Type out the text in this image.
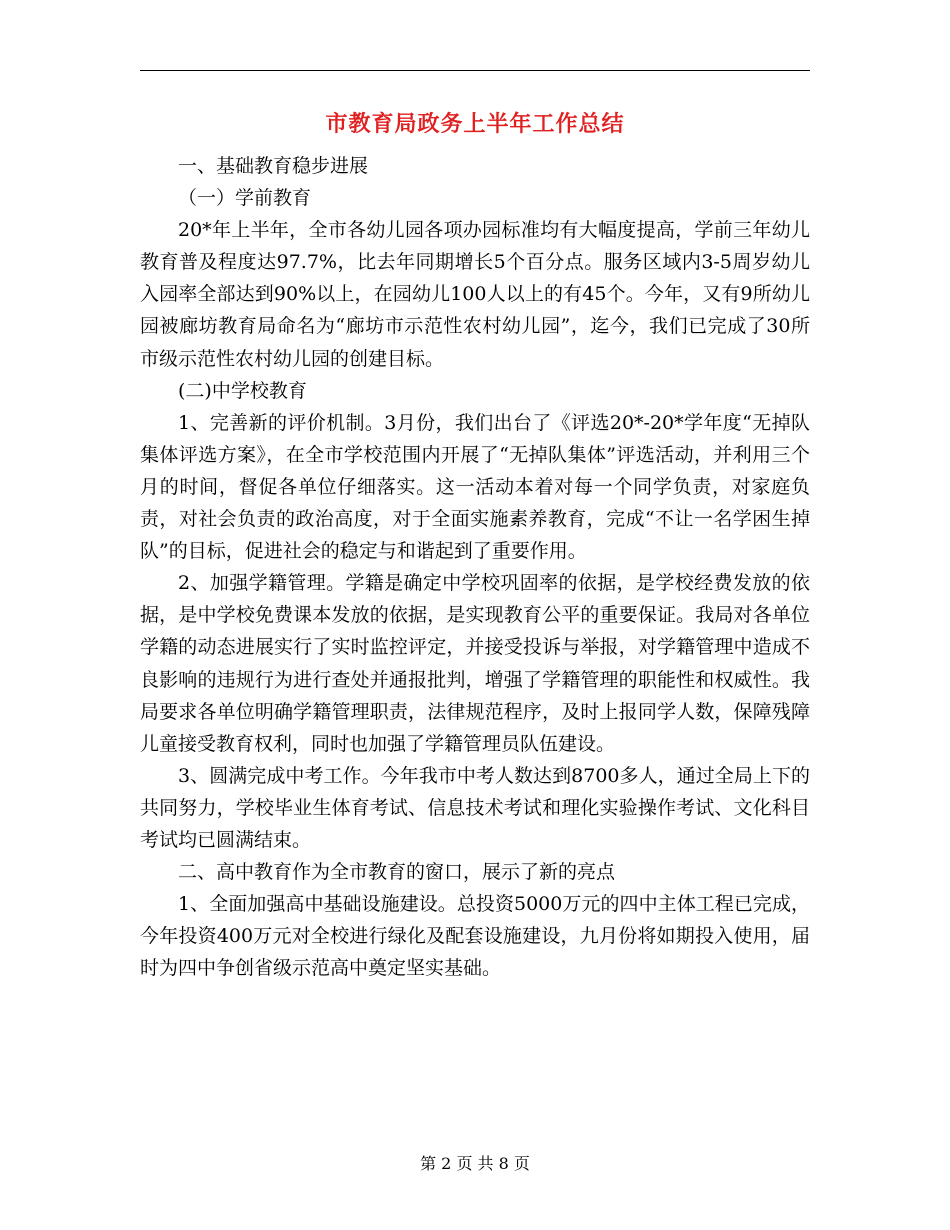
市教育局政务上半年工作总结

一、基础教育稳步进展

（一）学前教育

20*年上半年，全市各幼儿园各项办园标准均有大幅度提高，学前三年幼儿教育普及程度达97.7%，比去年同期增长5个百分点。服务区域内3-5周岁幼儿入园率全部达到90%以上，在园幼儿100人以上的有45个。今年，又有9所幼儿园被廊坊教育局命名为“廊坊市示范性农村幼儿园”，迄今，我们已完成了30所市级示范性农村幼儿园的创建目标。

(二)中学校教育

1、完善新的评价机制。3月份，我们出台了《评选20*-20*学年度“无掉队集体评选方案》，在全市学校范围内开展了“无掉队集体”评选活动，并利用三个月的时间，督促各单位仔细落实。这一活动本着对每一个同学负责，对家庭负责，对社会负责的政治高度，对于全面实施素养教育，完成“不让一名学困生掉队”的目标，促进社会的稳定与和谐起到了重要作用。

2、加强学籍管理。学籍是确定中学校巩固率的依据，是学校经费发放的依据，是中学校免费课本发放的依据，是实现教育公平的重要保证。我局对各单位学籍的动态进展实行了实时监控评定，并接受投诉与举报，对学籍管理中造成不良影响的违规行为进行查处并通报批判，增强了学籍管理的职能性和权威性。我局要求各单位明确学籍管理职责，法律规范程序，及时上报同学人数，保障残障儿童接受教育权利，同时也加强了学籍管理员队伍建设。

3、圆满完成中考工作。今年我市中考人数达到8700多人，通过全局上下的共同努力，学校毕业生体育考试、信息技术考试和理化实验操作考试、文化科目考试均已圆满结束。

二、高中教育作为全市教育的窗口，展示了新的亮点

1、全面加强高中基础设施建设。总投资5000万元的四中主体工程已完成，今年投资400万元对全校进行绿化及配套设施建设，九月份将如期投入使用，届时为四中争创省级示范高中奠定坚实基础。

第 2 页 共 8 页
